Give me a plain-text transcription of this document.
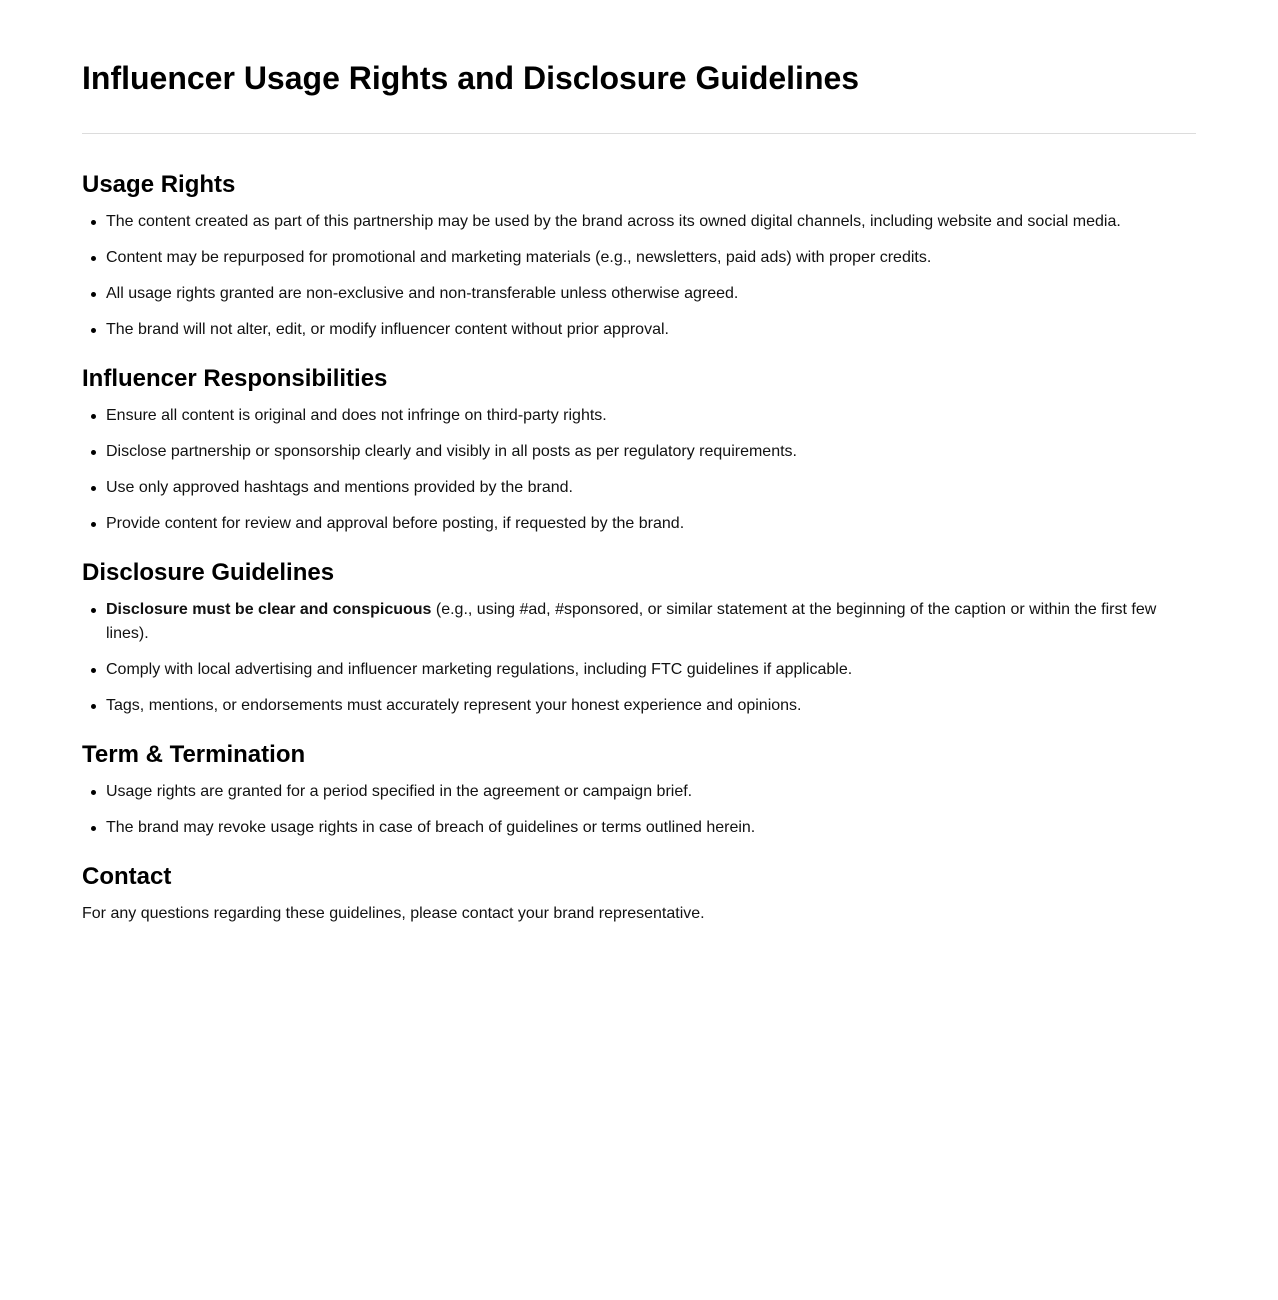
Influencer Usage Rights and Disclosure Guidelines
Usage Rights
The content created as part of this partnership may be used by the brand across its owned digital channels, including website and social media.
Content may be repurposed for promotional and marketing materials (e.g., newsletters, paid ads) with proper credits.
All usage rights granted are non-exclusive and non-transferable unless otherwise agreed.
The brand will not alter, edit, or modify influencer content without prior approval.
Influencer Responsibilities
Ensure all content is original and does not infringe on third-party rights.
Disclose partnership or sponsorship clearly and visibly in all posts as per regulatory requirements.
Use only approved hashtags and mentions provided by the brand.
Provide content for review and approval before posting, if requested by the brand.
Disclosure Guidelines
Disclosure must be clear and conspicuous (e.g., using #ad, #sponsored, or similar statement at the beginning of the caption or within the first few lines).
Comply with local advertising and influencer marketing regulations, including FTC guidelines if applicable.
Tags, mentions, or endorsements must accurately represent your honest experience and opinions.
Term & Termination
Usage rights are granted for a period specified in the agreement or campaign brief.
The brand may revoke usage rights in case of breach of guidelines or terms outlined herein.
Contact

For any questions regarding these guidelines, please contact your brand representative.
